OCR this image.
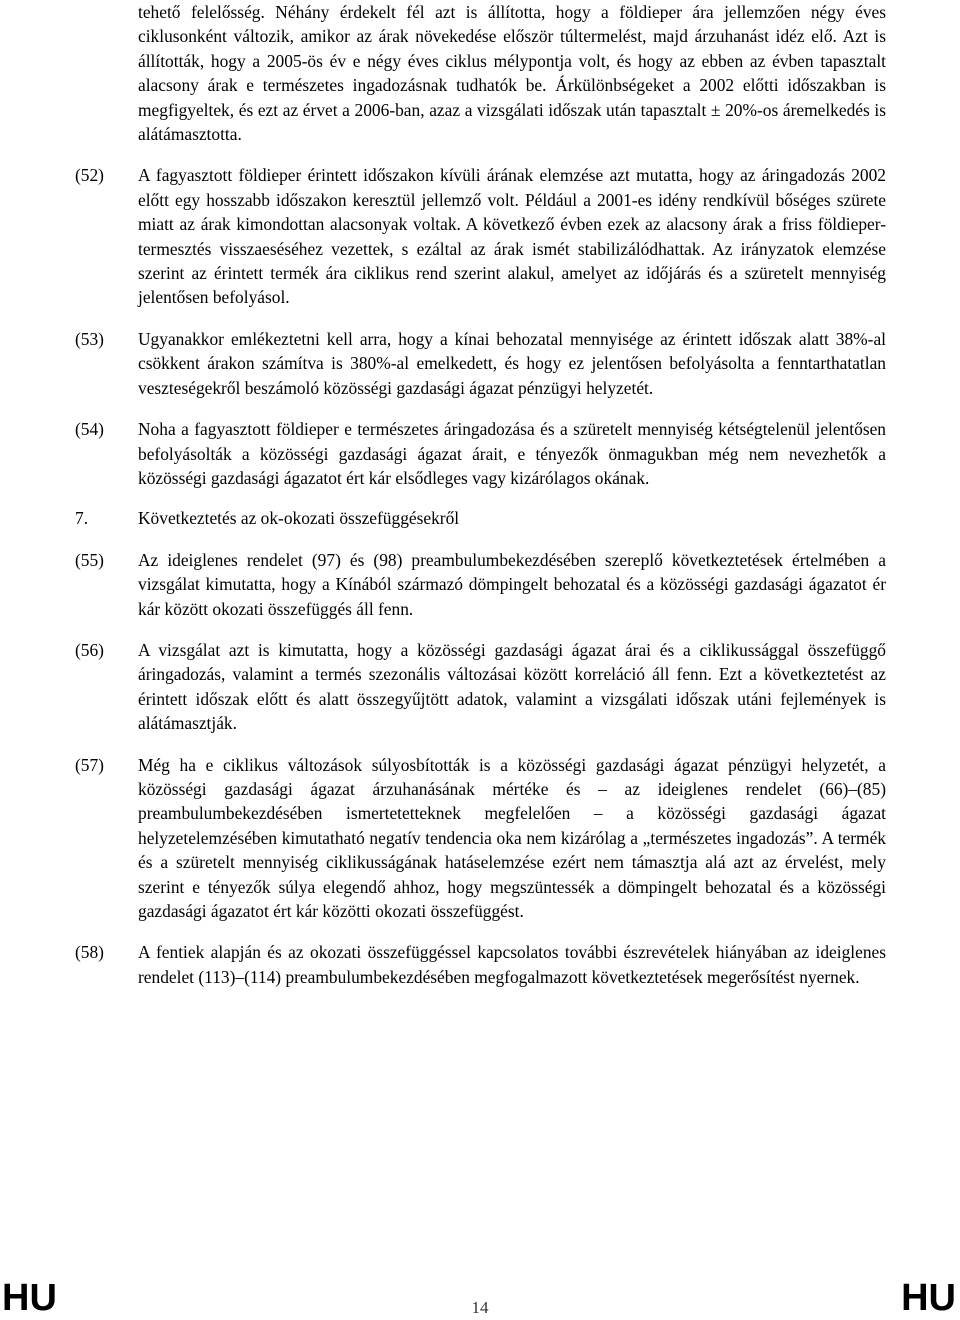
tehető felelősség. Néhány érdekelt fél azt is állította, hogy a földieper ára jellemzően négy éves ciklusonként változik, amikor az árak növekedése először túltermelést, majd árzuhanást idéz elő. Azt is állították, hogy a 2005-ös év e négy éves ciklus mélypontja volt, és hogy az ebben az évben tapasztalt alacsony árak e természetes ingadozásnak tudhatók be. Árkülönbségeket a 2002 előtti időszakban is megfigyeltek, és ezt az érvet a 2006-ban, azaz a vizsgálati időszak után tapasztalt ± 20%-os áremelkedés is alátámasztotta.

(52) A fagyasztott földieper érintett időszakon kívüli árának elemzése azt mutatta, hogy az áringadozás 2002 előtt egy hosszabb időszakon keresztül jellemző volt. Például a 2001-es idény rendkívül bőséges szürete miatt az árak kimondottan alacsonyak voltak. A következő évben ezek az alacsony árak a friss földieper-termesztés visszaeséséhez vezettek, s ezáltal az árak ismét stabilizálódhattak. Az irányzatok elemzése szerint az érintett termék ára ciklikus rend szerint alakul, amelyet az időjárás és a szüretelt mennyiség jelentősen befolyásol.

(53) Ugyanakkor emlékeztetni kell arra, hogy a kínai behozatal mennyisége az érintett időszak alatt 38%-al csökkent árakon számítva is 380%-al emelkedett, és hogy ez jelentősen befolyásolta a fenntarthatatlan veszteségekről beszámoló közösségi gazdasági ágazat pénzügyi helyzetét.

(54) Noha a fagyasztott földieper e természetes áringadozása és a szüretelt mennyiség kétségtelenül jelentősen befolyásolták a közösségi gazdasági ágazat árait, e tényezők önmagukban még nem nevezhetők a közösségi gazdasági ágazatot ért kár elsődleges vagy kizárólagos okának.

7.	Következtetés az ok-okozati összefüggésekről
(55) Az ideiglenes rendelet (97) és (98) preambulumbekezdésében szereplő következtetések értelmében a vizsgálat kimutatta, hogy a Kínából származó dömpingelt behozatal és a közösségi gazdasági ágazatot ér kár között okozati összefüggés áll fenn.

(56) A vizsgálat azt is kimutatta, hogy a közösségi gazdasági ágazat árai és a ciklikussággal összefüggő áringadozás, valamint a termés szezonális változásai között korreláció áll fenn. Ezt a következtetést az érintett időszak előtt és alatt összegyűjtött adatok, valamint a vizsgálati időszak utáni fejlemények is alátámasztják.

(57) Még ha e ciklikus változások súlyosbították is a közösségi gazdasági ágazat pénzügyi helyzetét, a közösségi gazdasági ágazat árzuhanásának mértéke és – az ideiglenes rendelet (66)–(85) preambulumbekezdésében ismertetetteknek megfelelően – a közösségi gazdasági ágazat helyzetelemzésében kimutatható negatív tendencia oka nem kizárólag a „természetes ingadozás”. A termék és a szüretelt mennyiség ciklikusságának hatáselemzése ezért nem támasztja alá azt az érvelést, mely szerint e tényezők súlya elegendő ahhoz, hogy megszüntessék a dömpingelt behozatal és a közösségi gazdasági ágazatot ért kár közötti okozati összefüggést.

(58) A fentiek alapján és az okozati összefüggéssel kapcsolatos további észrevételek hiányában az ideiglenes rendelet (113)–(114) preambulumbekezdésében megfogalmazott következtetések megerősítést nyernek.

HU	14	HU
